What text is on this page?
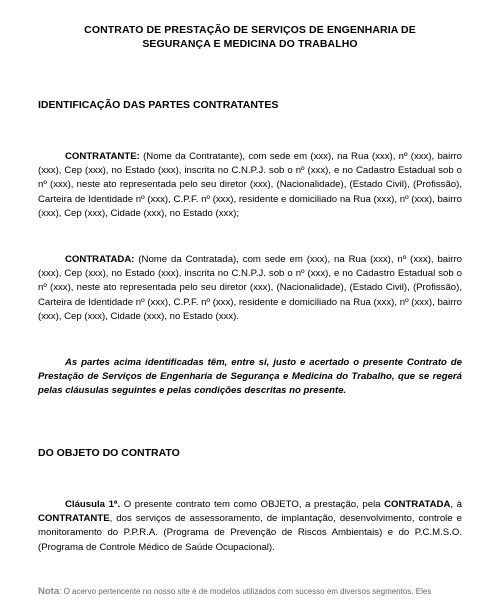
CONTRATO DE PRESTAÇÃO DE SERVIÇOS DE ENGENHARIA DE
SEGURANÇA E MEDICINA DO TRABALHO
IDENTIFICAÇÃO DAS PARTES CONTRATANTES
CONTRATANTE: (Nome da Contratante), com sede em (xxx), na Rua (xxx), nº (xxx), bairro (xxx), Cep (xxx), no Estado (xxx), inscrita no C.N.P.J. sob o nº (xxx), e no Cadastro Estadual sob o nº (xxx), neste ato representada pelo seu diretor (xxx), (Nacionalidade), (Estado Civil), (Profissão), Carteira de Identidade nº (xxx), C.P.F. nº (xxx), residente e domiciliado na Rua (xxx), nº (xxx), bairro (xxx), Cep (xxx), Cidade (xxx), no Estado (xxx);
CONTRATADA: (Nome da Contratada), com sede em (xxx), na Rua (xxx), nº (xxx), bairro (xxx), Cep (xxx), no Estado (xxx), inscrita no C.N.P.J. sob o nº (xxx), e no Cadastro Estadual sob o nº (xxx), neste ato representada pelo seu diretor (xxx), (Nacionalidade), (Estado Civil), (Profissão), Carteira de Identidade nº (xxx), C.P.F. nº (xxx), residente e domiciliado na Rua (xxx), nº (xxx), bairro (xxx), Cep (xxx), Cidade (xxx), no Estado (xxx).
As partes acima identificadas têm, entre si, justo e acertado o presente Contrato de Prestação de Serviços de Engenharia de Segurança e Medicina do Trabalho, que se regerá pelas cláusulas seguintes e pelas condições descritas no presente.
DO OBJETO DO CONTRATO
Cláusula 1ª. O presente contrato tem como OBJETO, a prestação, pela CONTRATADA, à CONTRATANTE, dos serviços de assessoramento, de implantação, desenvolvimento, controle e monitoramento do P.P.R.A. (Programa de Prevenção de Riscos Ambientais) e do P.C.M.S.O. (Programa de Controle Médico de Saúde Ocupacional).
Nota: O acervo pertencente no nosso site é de modelos utilizados com sucesso em diversos segmentos. Eles
